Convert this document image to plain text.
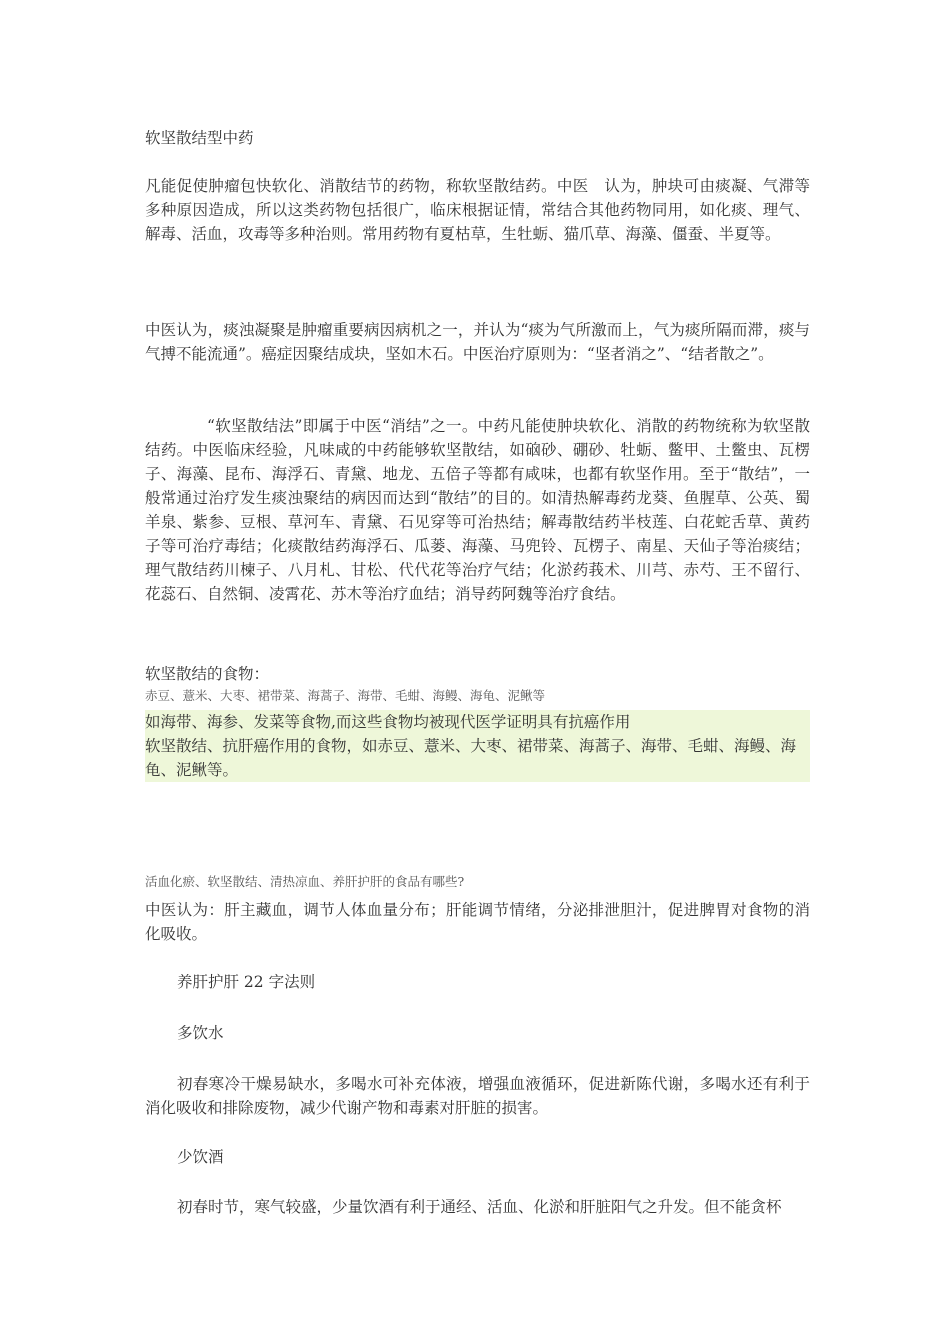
软坚散结型中药

凡能促使肿瘤包快软化、消散结节的药物，称软坚散结药。中医　认为，肿块可由痰凝、气滞等多种原因造成，所以这类药物包括很广，临床根据证情，常结合其他药物同用，如化痰、理气、解毒、活血，攻毒等多种治则。常用药物有夏枯草，生牡蛎、猫爪草、海藻、僵蚕、半夏等。

中医认为，痰浊凝聚是肿瘤重要病因病机之一，并认为“痰为气所激而上，气为痰所隔而滞，痰与气搏不能流通”。癌症因聚结成块，坚如木石。中医治疗原则为：“坚者消之”、“结者散之”。

“软坚散结法”即属于中医“消结”之一。中药凡能使肿块软化、消散的药物统称为软坚散结药。中医临床经验，凡味咸的中药能够软坚散结，如硇砂、硼砂、牡蛎、鳖甲、土鳖虫、瓦楞子、海藻、昆布、海浮石、青黛、地龙、五倍子等都有咸味，也都有软坚作用。至于“散结”，一般常通过治疗发生痰浊聚结的病因而达到“散结”的目的。如清热解毒药龙葵、鱼腥草、公英、蜀羊泉、紫参、豆根、草河车、青黛、石见穿等可治热结；解毒散结药半枝莲、白花蛇舌草、黄药子等可治疗毒结；化痰散结药海浮石、瓜蒌、海藻、马兜铃、瓦楞子、南星、天仙子等治痰结；理气散结药川楝子、八月札、甘松、代代花等治疗气结；化淤药莪术、川芎、赤芍、王不留行、花蕊石、自然铜、凌霄花、苏木等治疗血结；消导药阿魏等治疗食结。

软坚散结的食物：

赤豆、薏米、大枣、裙带菜、海蒿子、海带、毛蚶、海鳗、海龟、泥鳅等

如海带、海参、发菜等食物,而这些食物均被现代医学证明具有抗癌作用
软坚散结、抗肝癌作用的食物，如赤豆、薏米、大枣、裙带菜、海蒿子、海带、毛蚶、海鳗、海龟、泥鳅等。

活血化瘀、软坚散结、清热凉血、养肝护肝的食品有哪些?

中医认为：肝主藏血，调节人体血量分布；肝能调节情绪，分泌排泄胆汁，促进脾胃对食物的消化吸收。

养肝护肝 22 字法则

多饮水

初春寒冷干燥易缺水，多喝水可补充体液，增强血液循环，促进新陈代谢，多喝水还有利于消化吸收和排除废物，减少代谢产物和毒素对肝脏的损害。

少饮酒

初春时节，寒气较盛，少量饮酒有利于通经、活血、化淤和肝脏阳气之升发。但不能贪杯
